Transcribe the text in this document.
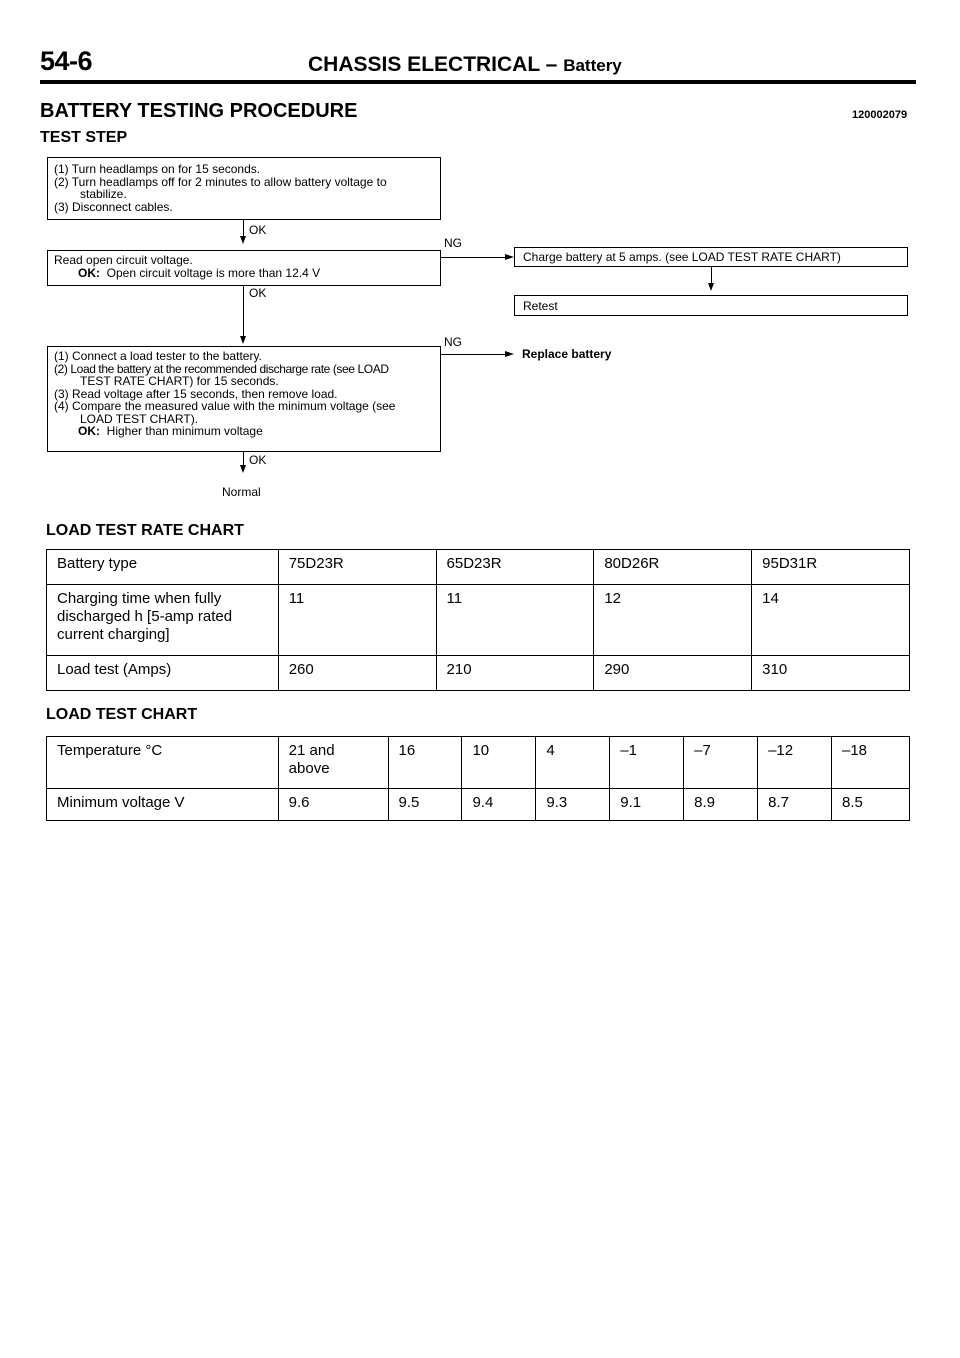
54-6	CHASSIS ELECTRICAL – Battery
BATTERY TESTING PROCEDURE	120002079
TEST STEP

(1) Turn headlamps on for 15 seconds.

(2) Turn headlamps off for 2 minutes to allow battery voltage to

stabilize.

(3) Disconnect cables.

OK

Read open circuit voltage.

OK: Open circuit voltage is more than 12.4 V

NG

Charge battery at 5 amps. (see LOAD TEST RATE CHART)

Retest

OK

(1) Connect a load tester to the battery.

(2) Load the battery at the recommended discharge rate (see LOAD

TEST RATE CHART) for 15 seconds.

(3) Read voltage after 15 seconds, then remove load.

(4) Compare the measured value with the minimum voltage (see

LOAD TEST CHART).

OK: Higher than minimum voltage

NG
Replace battery
OK
Normal
LOAD TEST RATE CHART
Battery type	75D23R	65D23R	80D26R	95D31R
Charging time when fully discharged h [5-amp rated current charging]	11	11	12	14
Load test (Amps)	260	210	290	310
LOAD TEST CHART
Temperature °C	21 and above	16	10	4	–1	–7	–12	–18
Minimum voltage V	9.6	9.5	9.4	9.3	9.1	8.9	8.7	8.5
